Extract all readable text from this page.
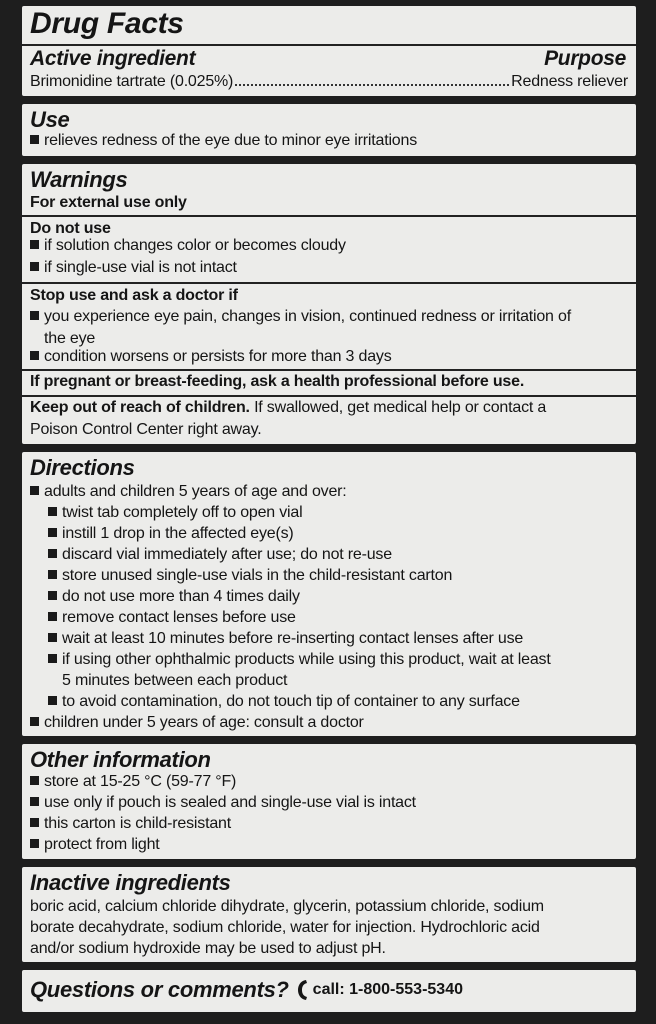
Drug Facts
Active ingredient	Purpose
Brimonidine tartrate (0.025%)	Redness reliever
Use
relieves redness of the eye due to minor eye irritations
Warnings
For external use only
Do not use
if solution changes color or becomes cloudy
if single-use vial is not intact
Stop use and ask a doctor if
you experience eye pain, changes in vision, continued redness or irritation of
the eye
condition worsens or persists for more than 3 days
If pregnant or breast-feeding, ask a health professional before use.
Keep out of reach of children. If swallowed, get medical help or contact a
Poison Control Center right away.
Directions
adults and children 5 years of age and over:
twist tab completely off to open vial
instill 1 drop in the affected eye(s)
discard vial immediately after use; do not re-use
store unused single-use vials in the child-resistant carton
do not use more than 4 times daily
remove contact lenses before use
wait at least 10 minutes before re-inserting contact lenses after use
if using other ophthalmic products while using this product, wait at least
5 minutes between each product
to avoid contamination, do not touch tip of container to any surface
children under 5 years of age: consult a doctor
Other information
store at 15-25 °C (59-77 °F)
use only if pouch is sealed and single-use vial is intact
this carton is child-resistant
protect from light
Inactive ingredients
boric acid, calcium chloride dihydrate, glycerin, potassium chloride, sodium
borate decahydrate, sodium chloride, water for injection. Hydrochloric acid
and/or sodium hydroxide may be used to adjust pH.
Questions or comments? call: 1-800-553-5340
